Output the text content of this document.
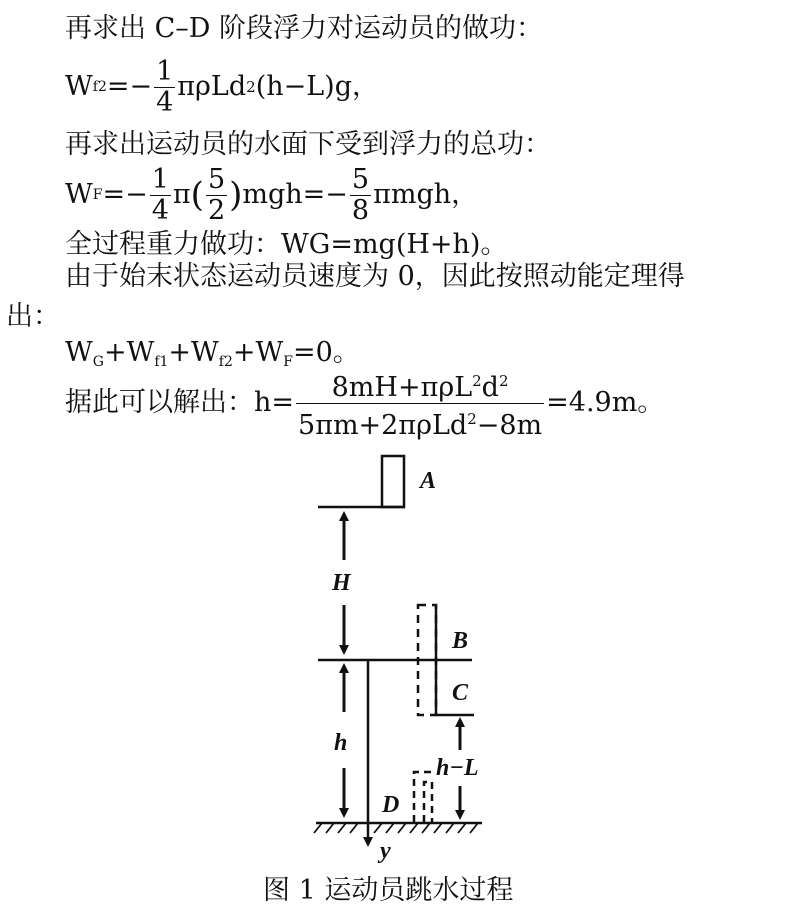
再求出 C–D 阶段浮力对运动员的做功：
W $f2 =- \frac{1}{4}$ πρLd 2 (h−L)g，
再求出运动员的水面下受到浮力的总功：
W $F =- \frac{1}{4}$ π ( $\frac{5}{2}$ ) $mgh=- \frac{5}{8}$ πmgh，
全过程重力做功：WG=mg(H+h)。
由于始末状态运动员速度为 0，因此按照动能定理得
出：
$W_G+W_{f1}+W_{f2}+W_F=0$。
据此可以解出：$h= \frac{8mH+\pi\rho L^2d^2}{5\pi m+2\pi\rho Ld^2-8m} =4.9m$。
A
H
B
C
h
h−L
D
y
图 1 运动员跳水过程
